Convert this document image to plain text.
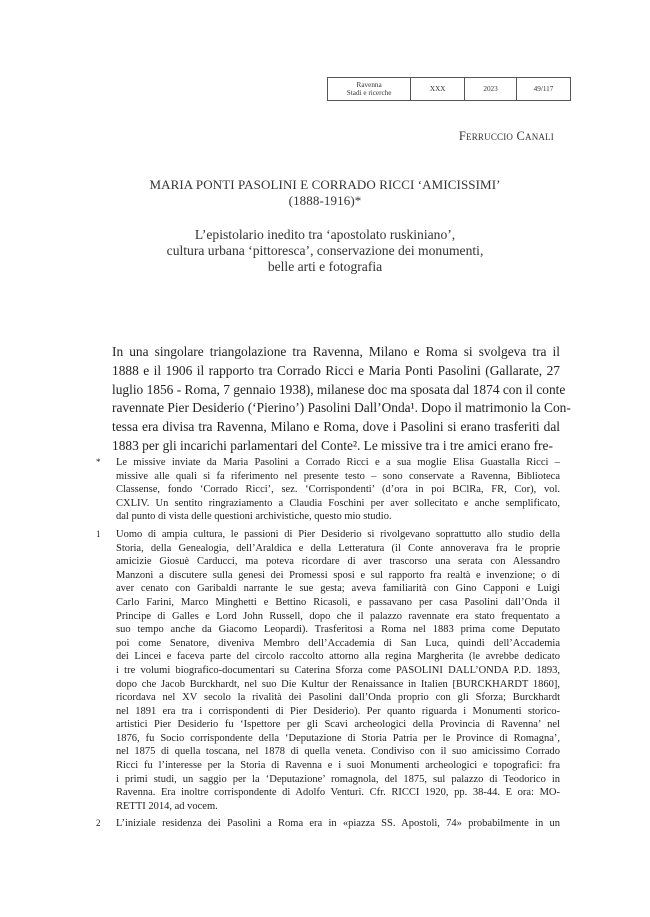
Ravenna
Stadi e ricerche	XXX	2023	49/117
Ferruccio Canali
MARIA PONTI PASOLINI E CORRADO RICCI ‘AMICISSIMI’
(1888-1916)*
L’epistolario inedito tra ‘apostolato ruskiniano’,
cultura urbana ‘pittoresca’, conservazione dei monumenti,
belle arti e fotografia
In una singolare triangolazione tra Ravenna, Milano e Roma si svolgeva tra il
1888 e il 1906 il rapporto tra Corrado Ricci e Maria Ponti Pasolini (Gallarate, 27
luglio 1856 - Roma, 7 gennaio 1938), milanese doc ma sposata dal 1874 con il conte
ravennate Pier Desiderio (‘Pierino’) Pasolini Dall’Onda¹. Dopo il matrimonio la Con-
tessa era divisa tra Ravenna, Milano e Roma, dove i Pasolini si erano trasferiti dal
1883 per gli incarichi parlamentari del Conte². Le missive tra i tre amici erano fre-
* Le missive inviate da Maria Pasolini a Corrado Ricci e a sua moglie Elisa Guastalla Ricci –
missive alle quali si fa riferimento nel presente testo – sono conservate a Ravenna, Biblioteca
Classense, fondo ‘Corrado Ricci’, sez. ‘Corrispondenti’ (d’ora in poi BClRa, FR, Cor), vol.
CXLIV. Un sentito ringraziamento a Claudia Foschini per aver sollecitato e anche semplificato,
dal punto di vista delle questioni archivistiche, questo mio studio.
1 Uomo di ampia cultura, le passioni di Pier Desiderio si rivolgevano soprattutto allo studio della
Storia, della Genealogia, dell’Araldica e della Letteratura (il Conte annoverava fra le proprie
amicizie Giosuè Carducci, ma poteva ricordare di aver trascorso una serata con Alessandro
Manzoni a discutere sulla genesi dei Promessi sposi e sul rapporto fra realtà e invenzione; o di
aver cenato con Garibaldi narrante le sue gesta; aveva familiarità con Gino Capponi e Luigi
Carlo Farini, Marco Minghetti e Bettino Ricasoli, e passavano per casa Pasolini dall’Onda il
Principe di Galles e Lord John Russell, dopo che il palazzo ravennate era stato frequentato a
suo tempo anche da Giacomo Leopardi). Trasferitosi a Roma nel 1883 prima come Deputato
poi come Senatore, diveniva Membro dell’Accademia di San Luca, quindi dell’Accademia
dei Lincei e faceva parte del circolo raccolto attorno alla regina Margherita (le avrebbe dedicato
i tre volumi biografico-documentari su Caterina Sforza come PASOLINI DALL’ONDA P.D. 1893,
dopo che Jacob Burckhardt, nel suo Die Kultur der Renaissance in Italien [BURCKHARDT 1860],
ricordava nel XV secolo la rivalità dei Pasolini dall’Onda proprio con gli Sforza; Burckhardt
nel 1891 era tra i corrispondenti di Pier Desiderio). Per quanto riguarda i Monumenti storico-
artistici Pier Desiderio fu ‘Ispettore per gli Scavi archeologici della Provincia di Ravenna’ nel
1876, fu Socio corrispondente della ‘Deputazione di Storia Patria per le Province di Romagna’,
nel 1875 di quella toscana, nel 1878 di quella veneta. Condiviso con il suo amicissimo Corrado
Ricci fu l’interesse per la Storia di Ravenna e i suoi Monumenti archeologici e topografici: fra
i primi studi, un saggio per la ‘Deputazione’ romagnola, del 1875, sul palazzo di Teodorico in
Ravenna. Era inoltre corrispondente di Adolfo Venturi. Cfr. RICCI 1920, pp. 38-44. E ora: MO-
RETTI 2014, ad vocem.
2 L’iniziale residenza dei Pasolini a Roma era in «piazza SS. Apostoli, 74» probabilmente in un
